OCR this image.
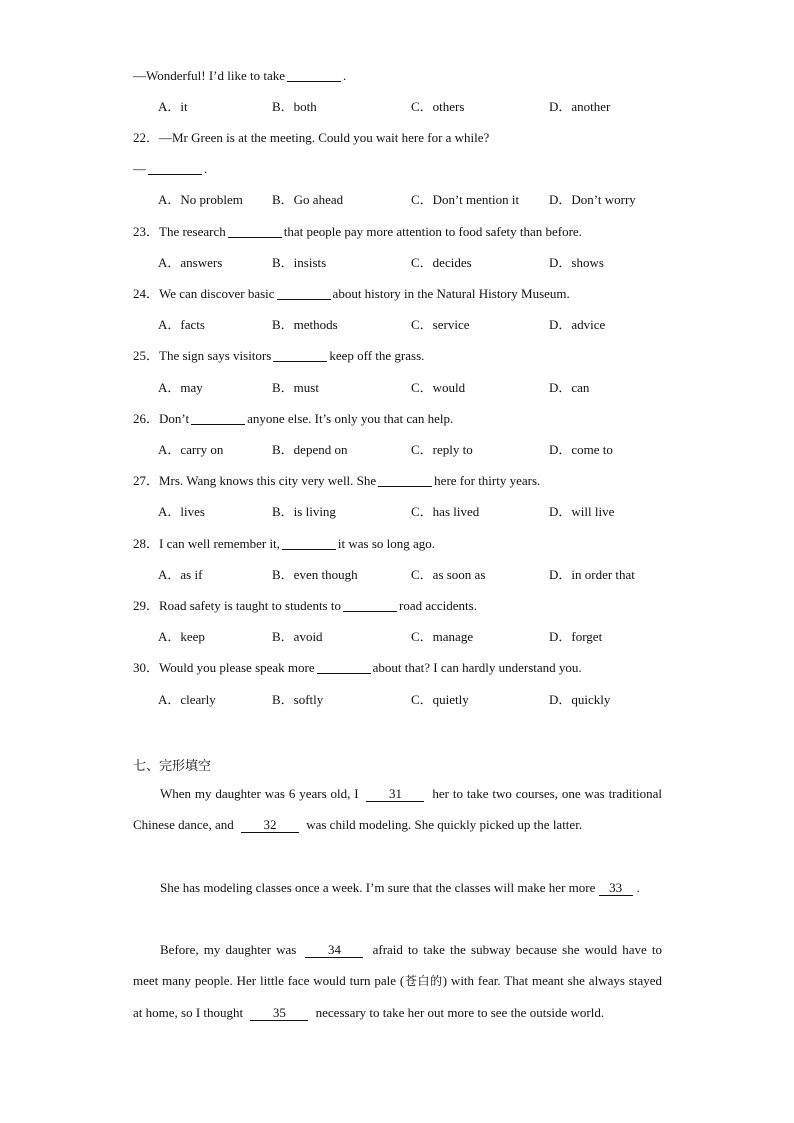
—Wonderful! I’d like to take	.
A．it	B．both	C．others	D．another
22．—Mr Green is at the meeting. Could you wait here for a while?
—	.
A．No problem B．Go ahead	C．Don’t mention it D．Don’t worry
23．The research	that people pay more attention to food safety than before.
A．answers	B．insists	C．decides	D．shows
24．We can discover basic	about history in the Natural History Museum.
A．facts	B．methods	C．service	D．advice
25．The sign says visitors	keep off the grass.
A．may	B．must	C．would	D．can
26．Don’t	anyone else. It’s only you that can help.
A．carry on	B．depend on	C．reply to	D．come to
27．Mrs. Wang knows this city very well. She	here for thirty years.
A．lives	B．is living	C．has lived	D．will live
28．I can well remember it,	it was so long ago.
A．as if	B．even though	C．as soon as	D．in order that
29．Road safety is taught to students to	road accidents.
A．keep	B．avoid	C．manage	D．forget
30．Would you please speak more	about that? I can hardly understand you.
A．clearly	B．softly	C．quietly	D．quickly
七、完形填空
When my daughter was 6 years old, I 31 her to take two courses, one was traditional Chinese dance, and 32 was child modeling. She quickly picked up the latter.
She has modeling classes once a week. I’m sure that the classes will make her more 33 .
Before, my daughter was 34 afraid to take the subway because she would have to meet many people. Her little face would turn pale (苍白的) with fear. That meant she always stayed at home, so I thought 35 necessary to take her out more to see the outside world.
